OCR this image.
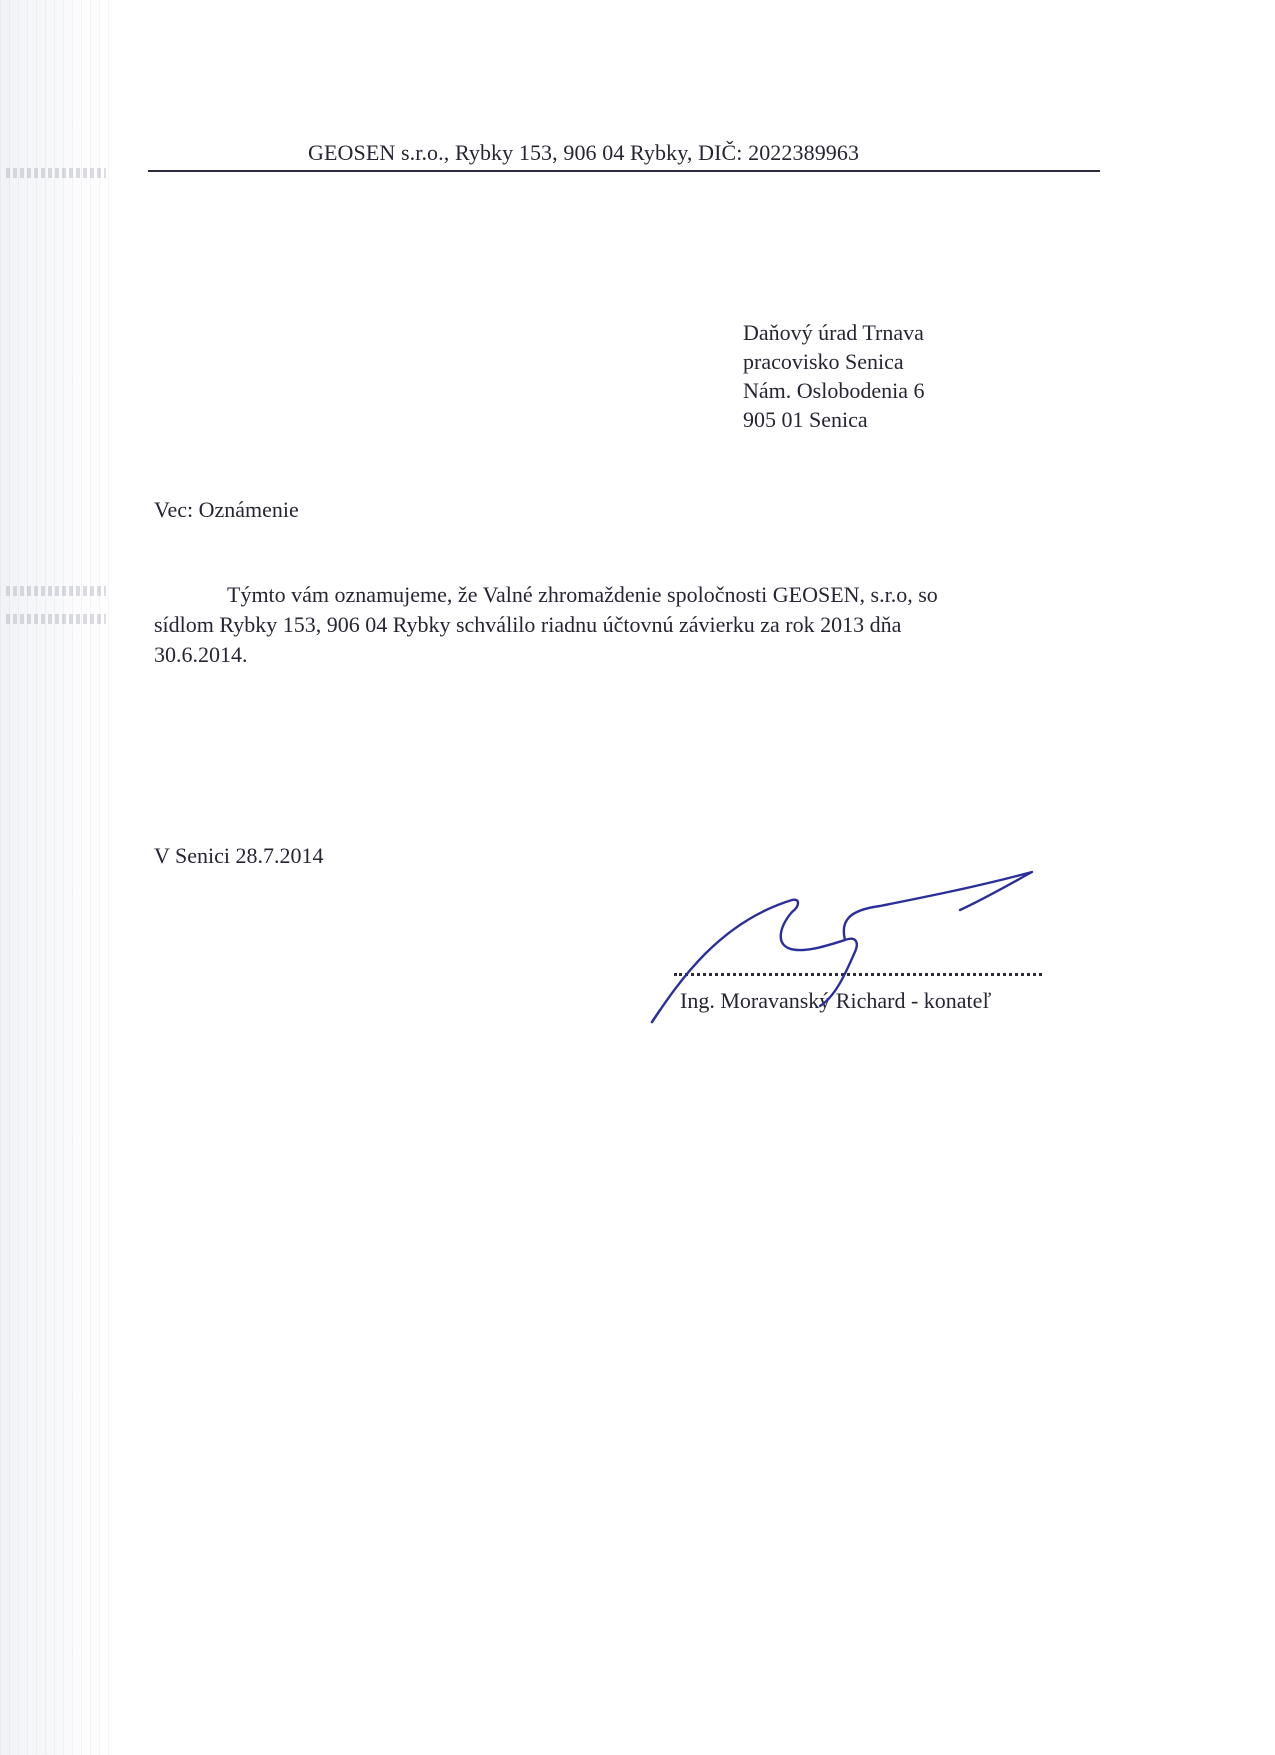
GEOSEN s.r.o., Rybky 153, 906 04 Rybky, DIČ: 2022389963
Daňový úrad Trnava
pracovisko Senica
Nám. Oslobodenia 6
905 01 Senica
Vec: Oznámenie
Týmto vám oznamujeme, že Valné zhromaždenie spoločnosti GEOSEN, s.r.o, so
sídlom Rybky 153, 906 04 Rybky schválilo riadnu účtovnú závierku za rok 2013 dňa
30.6.2014.
V Senici 28.7.2014
Ing. Moravanský Richard - konateľ
